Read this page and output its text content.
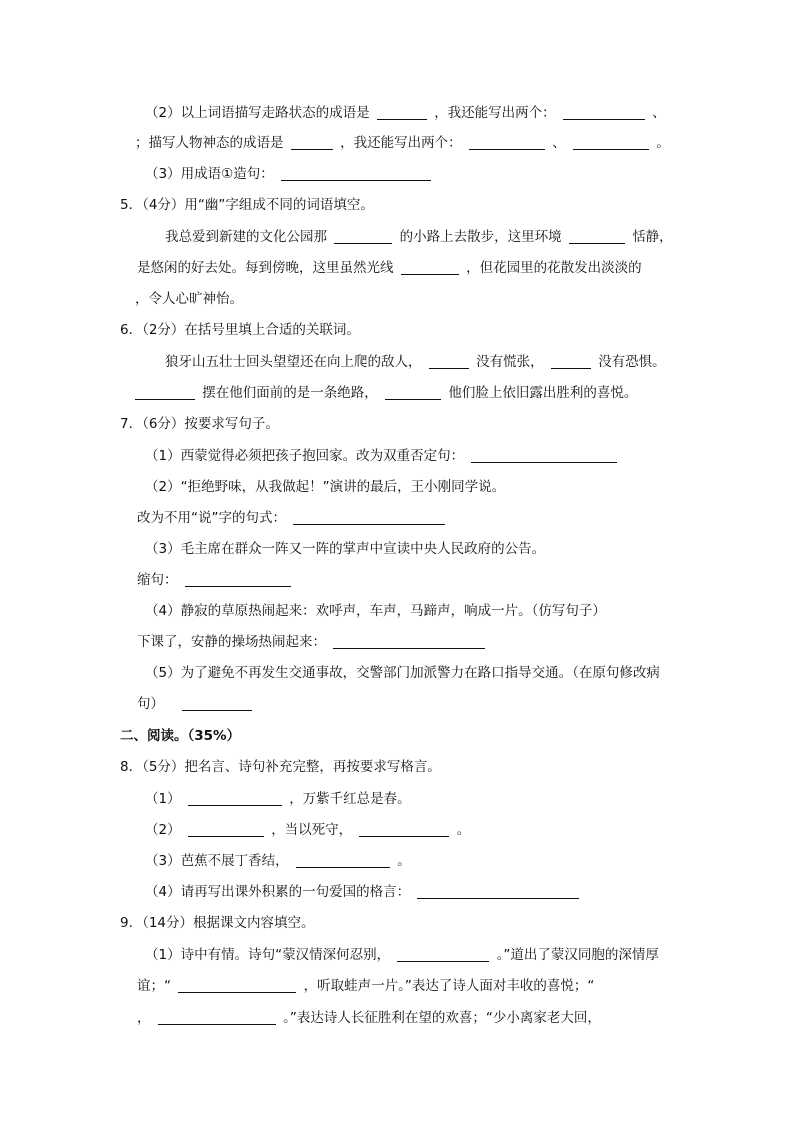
（2）以上词语描写走路状态的成语是	，我还能写出两个：	、
；描写人物神态的成语是	，我还能写出两个：	、	。
（3）用成语①造句：
5．（4分）用“幽”字组成不同的词语填空。
我总爱到新建的文化公园那	的小路上去散步，这里环境	恬静，
是悠闲的好去处。每到傍晚，这里虽然光线	，但花园里的花散发出淡淡的
，令人心旷神怡。
6．（2分）在括号里填上合适的关联词。
狼牙山五壮士回头望望还在向上爬的敌人，	没有慌张，	没有恐惧。
摆在他们面前的是一条绝路，	他们脸上依旧露出胜利的喜悦。
7．（6分）按要求写句子。
（1）西蒙觉得必须把孩子抱回家。改为双重否定句：
（2）“拒绝野味，从我做起！”演讲的最后，王小刚同学说。
改为不用“说”字的句式：
（3）毛主席在群众一阵又一阵的掌声中宣读中央人民政府的公告。
缩句：
（4）静寂的草原热闹起来：欢呼声，车声，马蹄声，响成一片。（仿写句子）
下课了，安静的操场热闹起来：
（5）为了避免不再发生交通事故，交警部门加派警力在路口指导交通。（在原句修改病
句）
二、阅读。（35%）
8．（5分）把名言、诗句补充完整，再按要求写格言。
（1）	，万紫千红总是春。
（2）	，当以死守，	。
（3）芭蕉不展丁香结，	。
（4）请再写出课外积累的一句爱国的格言：
9．（14分）根据课文内容填空。
（1）诗中有情。诗句“蒙汉情深何忍别，	。”道出了蒙汉同胞的深情厚
谊；“	，听取蛙声一片。”表达了诗人面对丰收的喜悦；“
，	。”表达诗人长征胜利在望的欢喜；“少小离家老大回，
